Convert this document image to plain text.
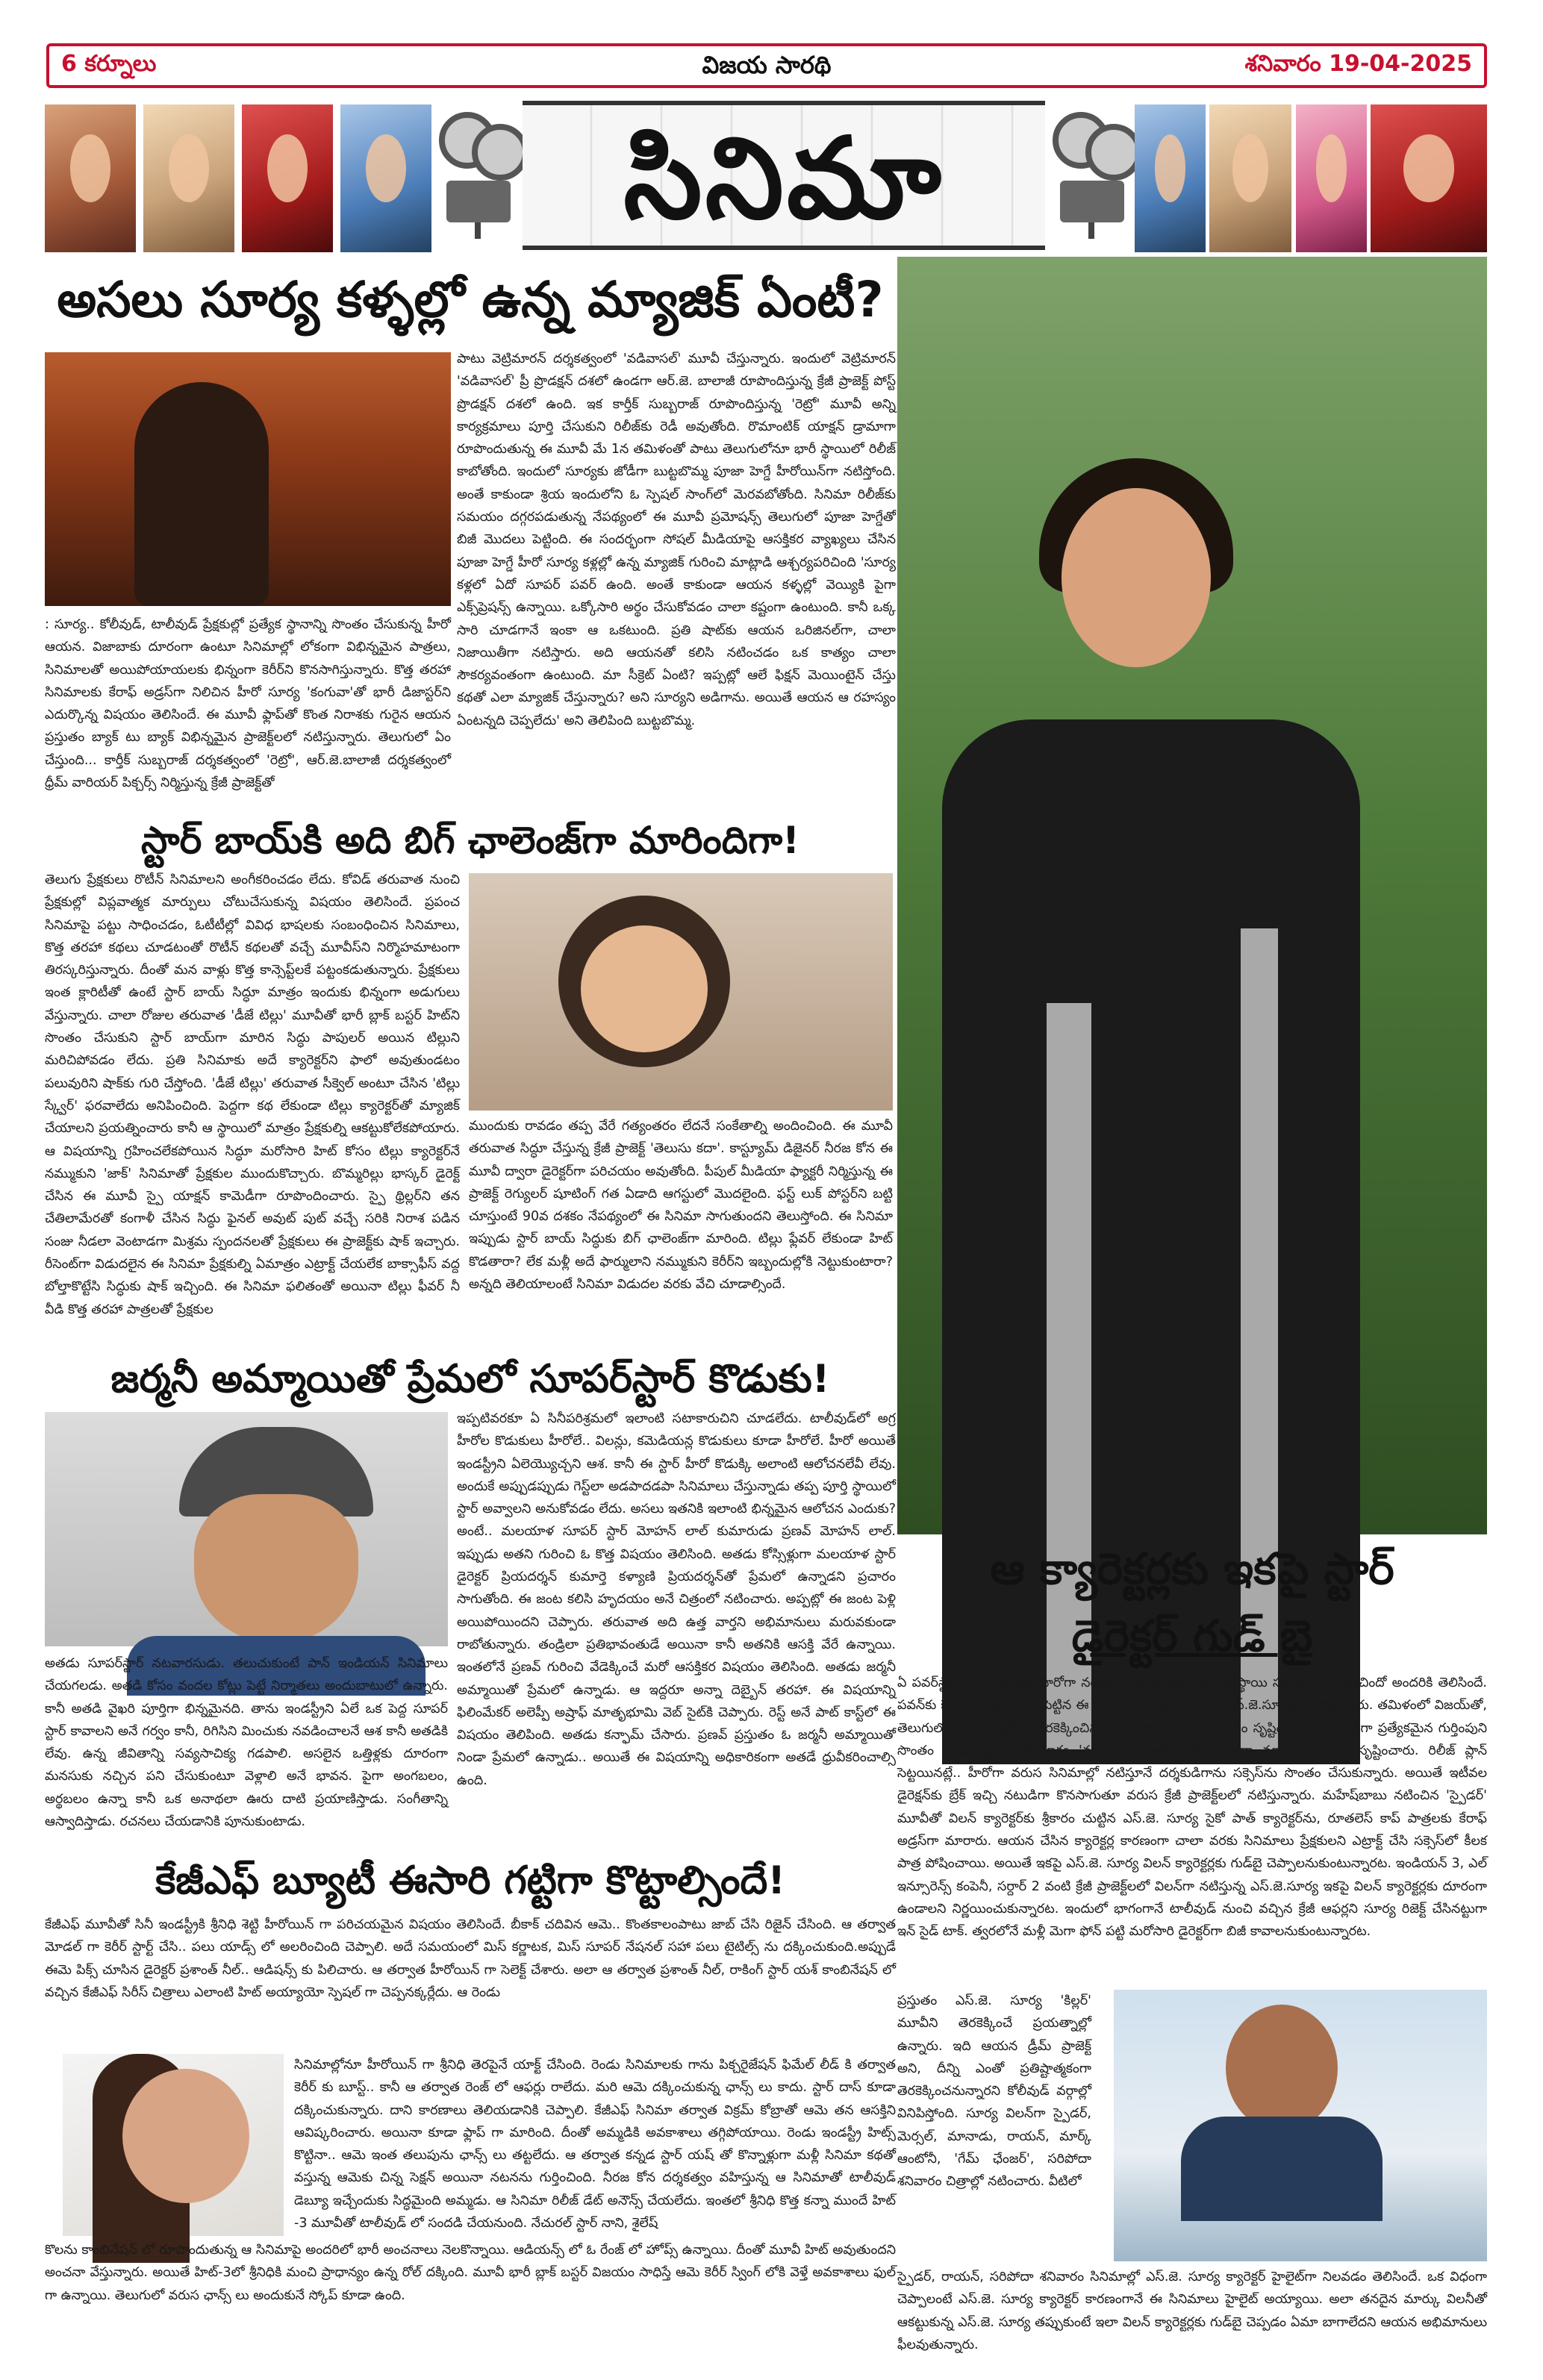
6 కర్నూలు	విజయ సారథి	శనివారం 19-04-2025
సినిమా
అసలు సూర్య కళ్ళల్లో ఉన్న మ్యాజిక్ ఏంటీ?
పాటు వెట్రిమారన్ దర్శకత్వంలో 'వడివాసల్' మూవీ చేస్తున్నారు. ఇందులో వెట్రిమారన్ 'వడివాసల్' ప్రీ ప్రొడక్షన్ దశలో ఉండగా ఆర్.జె. బాలాజీ రూపొందిస్తున్న క్రేజీ ప్రాజెక్ట్ పోస్ట్ ప్రొడక్షన్ దశలో ఉంది. ఇక కార్తీక్ సుబ్బరాజ్ రూపొందిస్తున్న 'రెట్రో' మూవీ అన్ని కార్యక్రమాలు పూర్తి చేసుకుని రిలీజ్‌కు రెడీ అవుతోంది. రొమాంటిక్ యాక్షన్ డ్రామాగా రూపొందుతున్న ఈ మూవీ మే 1న తమిళంతో పాటు తెలుగులోనూ భారీ స్థాయిలో రిలీజ్ కాబోతోంది. ఇందులో సూర్యకు జోడీగా బుట్టబొమ్మ పూజా హెగ్డే హీరోయిన్‌గా నటిస్తోంది. అంతే కాకుండా శ్రియ ఇందులోని ఓ స్పెషల్ సాంగ్‌లో మెరవబోతోంది. సినిమా రిలీజ్‌కు సమయం దగ్గరపడుతున్న నేపథ్యంలో ఈ మూవీ ప్రమోషన్స్ తెలుగులో పూజా హెగ్డే‌తో బిజీ మొదలు పెట్టింది. ఈ సందర్భంగా సోషల్ మీడియాపై ఆసక్తికర వ్యాఖ్యలు చేసిన పూజా హెగ్డే హీరో సూర్య కళ్లల్లో ఉన్న మ్యాజిక్ గురించి మాట్లాడి ఆశ్చర్యపరిచింది 'సూర్య కళ్లలో ఏదో సూపర్ పవర్ ఉంది. అంతే కాకుండా ఆయన కళ్ళల్లో వెయ్యికి పైగా ఎక్స్‌ప్రెషన్స్ ఉన్నాయి. ఒక్కోసారి అర్థం చేసుకోవడం చాలా కష్టంగా ఉంటుంది. కానీ ఒక్క సారి చూడగానే ఇంకా ఆ ఒకటుంది. ప్రతి షాట్‌కు ఆయన ఒరిజినల్‌గా, చాలా నిజాయితీగా నటిస్తారు. అది ఆయనతో కలిసి నటించడం ఒక కాత్యం చాలా సౌకర్యవంతంగా ఉంటుంది. మా సీక్రెట్ ఏంటి? ఇప్పట్లో ఆలే ఫిక్షన్ మెయింటైన్ చేస్తు కథతో ఎలా మ్యాజిక్ చేస్తున్నారు? అని సూర్యని అడిగాను. అయితే ఆయన ఆ రహస్యం ఏంటన్నది చెప్పలేదు' అని తెలిపింది బుట్టబొమ్మ.
: సూర్య.. కోలీవుడ్, టాలీవుడ్ ప్రేక్షకుల్లో ప్రత్యేక స్థానాన్ని సొంతం చేసుకున్న హీరో ఆయన. విజాబాకు దూరంగా ఉంటూ సినిమాల్లో లోకంగా విభిన్నమైన పాత్రలు, సినిమాలతో అయిపోయాయలకు భిన్నంగా కెరీర్‌ని కొనసాగిస్తున్నారు. కొత్త తరహా సినిమాలకు కేరాఫ్ అడ్రస్‌గా నిలిచిన హీరో సూర్య 'కంగువా'తో భారీ డిజాస్టర్‌ని ఎదుర్కొన్న విషయం తెలిసిందే. ఈ మూవీ ఫ్లాప్‌తో కొంత నిరాశకు గురైన ఆయన ప్రస్తుతం బ్యాక్ టు బ్యాక్ విభిన్నమైన ప్రాజెక్ట్‌లలో నటిస్తున్నారు. తెలుగులో ఏం చేస్తుంది... కార్తీక్ సుబ్బరాజ్ దర్శకత్వంలో 'రెట్రో', ఆర్.జె.బాలాజీ దర్శకత్వంలో ధ్రీమ్ వారియర్ పిక్చర్స్ నిర్మిస్తున్న క్రేజీ ప్రాజెక్ట్‌తో
స్టార్ బాయ్‌కి అది బిగ్ ఛాలెంజ్‌గా మారిందిగా!
తెలుగు ప్రేక్షకులు రొటీన్ సినిమాలని అంగీకరించడం లేదు. కోవిడ్ తరువాత నుంచి ప్రేక్షకుల్లో విప్లవాత్మక మార్పులు చోటుచేసుకున్న విషయం తెలిసిందే. ప్రపంచ సినిమాపై పట్టు సాధించడం, ఓటీటీల్లో వివిధ భాషలకు సంబంధించిన సినిమాలు, కొత్త తరహా కథలు చూడటంతో రొటీన్ కథలతో వచ్చే మూవీస్‌ని నిర్మొహమాటంగా తిరస్కరిస్తున్నారు. దీంతో మన వాళ్లు కొత్త కాన్సెప్ట్‌లకే పట్టంకడుతున్నారు. ప్రేక్షకులు ఇంత క్లారిటీతో ఉంటే స్టార్ బాయ్ సిద్ధూ మాత్రం ఇందుకు భిన్నంగా అడుగులు వేస్తున్నారు. చాలా రోజుల తరువాత 'డీజే టిల్లు' మూవీతో భారీ బ్లాక్ బస్టర్ హిట్‌ని సొంతం చేసుకుని స్టార్ బాయ్‌గా మారిన సిద్ధు పాపులర్ అయిన టిల్లుని మరిచిపోవడం లేదు. ప్రతి సినిమాకు అదే క్యారెక్టర్‌ని ఫాలో అవుతుండటం పలువురిని షాక్‌కు గురి చేస్తోంది. 'డీజే టిల్లు' తరువాత సీక్వెల్ అంటూ చేసిన 'టిల్లు స్క్వేర్' ఫరవాలేదు అనిపించింది. పెద్దగా కథ లేకుండా టిల్లు క్యారెక్టర్‌తో మ్యాజిక్ చేయాలని ప్రయత్నించారు కానీ ఆ స్థాయిలో మాత్రం ప్రేక్షకుల్ని ఆకట్టుకోలేకపోయారు. ఆ విషయాన్ని గ్రహించలేకపోయిన సిద్ధూ మరోసారి హిట్ కోసం టిల్లు క్యారెక్టర్‌నే నమ్ముకుని 'జాక్' సినిమాతో ప్రేక్షకుల ముందుకొచ్చారు. బొమ్మరిల్లు భాస్కర్ డైరెక్ట్ చేసిన ఈ మూవీ స్పై యాక్షన్ కామెడీగా రూపొందించారు. స్పై థ్రిల్లర్‌ని తన చేతిలామేరతో కంగాళీ చేసిన సిద్ధు ఫైనల్ అవుట్ పుట్ వచ్చే సరికి నిరాశ పడిన సంజు నీడలా వెంటాడగా మిశ్రమ స్పందనలతో ప్రేక్షకులు ఈ ప్రాజెక్ట్‌కు షాక్ ఇచ్చారు. రీసెంట్‌గా విడుదలైన ఈ సినిమా ప్రేక్షకుల్ని ఏమాత్రం ఎట్రాక్ట్ చేయలేక బాక్సాఫీస్ వద్ద బోల్తాకొట్టేసి సిద్ధుకు షాక్ ఇచ్చింది. ఈ సినిమా ఫలితంతో అయినా టిల్లు ఫీవర్ నీ వీడి కొత్త తరహా పాత్రలతో ప్రేక్షకుల
ముందుకు రావడం తప్ప వేరే గత్యంతరం లేదనే సంకేతాల్ని అందించింది. ఈ మూవీ తరువాత సిద్ధూ చేస్తున్న క్రేజీ ప్రాజెక్ట్ 'తెలుసు కదా'. కాస్ట్యూమ్ డిజైనర్ నీరజ కోన ఈ మూవీ ద్వారా డైరెక్టర్‌గా పరిచయం అవుతోంది. పీపుల్ మీడియా ఫ్యాక్టరీ నిర్మిస్తున్న ఈ ప్రాజెక్ట్ రెగ్యులర్ షూటింగ్ గత ఏడాది ఆగస్టులో మొదలైంది. ఫస్ట్ లుక్ పోస్టర్‌ని బట్టి చూస్తుంటే 90వ దశకం నేపథ్యంలో ఈ సినిమా సాగుతుందని తెలుస్తోంది. ఈ సినిమా ఇప్పుడు స్టార్ బాయ్ సిద్ధుకు బిగ్ ఛాలెంజ్‌గా మారింది. టిల్లు ఫ్లేవర్ లేకుండా హిట్ కొడతారా? లేక మళ్లీ అదే ఫార్ములాని నమ్ముకుని కెరీర్‌ని ఇబ్బందుల్లోకి నెట్టుకుంటారా? అన్నది తెలియాలంటే సినిమా విడుదల వరకు వేచి చూడాల్సిందే.
జర్మనీ అమ్మాయితో ప్రేమలో సూపర్‌స్టార్ కొడుకు!
ఇప్పటివరకూ ఏ సినీపరిశ్రమలో ఇలాంటి సటాకారుచిని చూడలేదు. టాలీవుడ్‌లో అగ్ర హీరోల కొడుకులు హీరోలే.. విలన్లు, కమెడియన్ల కొడుకులు కూడా హీరోలే. హీరో అయితే ఇండస్ట్రీని ఏలెయ్యొచ్చని ఆశ. కానీ ఈ స్టార్ హీరో కొడుక్కి అలాంటి ఆలోచనలేవీ లేవు. అందుకే అప్పుడప్పుడు గెస్ట్‌లా అడపాదడపా సినిమాలు చేస్తున్నాడు తప్ప పూర్తి స్థాయిలో స్టార్ అవ్వాలని అనుకోవడం లేదు. అసలు ఇతనికి ఇలాంటి భిన్నమైన ఆలోచన ఎందుకు? అంటే.. మలయాళ సూపర్ స్టార్ మోహన్ లాల్ కుమారుడు ప్రణవ్ మోహన్ లాల్. ఇప్పుడు అతని గురించి ఓ కొత్త విషయం తెలిసింది. అతడు కోస్సిళ్లుగా మలయాళ స్టార్ డైరెక్టర్ ప్రియదర్శన్ కుమార్తె కళ్యాణి ప్రియదర్శన్‌తో ప్రేమలో ఉన్నాడని ప్రచారం సాగుతోంది. ఈ జంట కలిసి హృదయం అనే చిత్రంలో నటించారు. అప్పట్లో ఈ జంట పెళ్లి అయిపోయిందని చెప్పారు. తరువాత అది ఉత్త వార్తని అభిమానులు మరువకుండా రాబోతున్నారు. తండ్రిలా ప్రతిభావంతుడే అయినా కానీ అతనికి ఆసక్తి వేరే ఉన్నాయి. ఇంతలోనే ప్రణవ్ గురించి వేడెక్కించే మరో ఆసక్తికర విషయం తెలిసింది. అతడు జర్మనీ అమ్మాయితో ప్రేమలో ఉన్నాడు. ఆ ఇద్దరూ అన్నా దెబ్బైన్ తరహా. ఈ విషయాన్ని ఫిలింమేకర్ అలెప్పీ అష్రాఫ్ మాతృభూమి వెబ్ సైట్‌కి చెప్పారు. రెస్ట్ అనే పాట్ కాస్ట్‌లో ఈ విషయం తెలిపింది. అతడు కన్ఫామ్ చేసారు. ప్రణవ్ ప్రస్తుతం ఓ జర్మనీ అమ్మాయితో నిండా ప్రేమలో ఉన్నాడు.. అయితే ఈ విషయాన్ని అధికారికంగా అతడే ధ్రువీకరించాల్సి ఉంది.
అతడు సూపర్‌స్టార్ నటవారసుడు. తలుచుకుంటే పాన్ ఇండియన్ సినిమాలు చేయగలడు. అతడి కోసం వందల కోట్లు పెట్టే నిర్మాతలు అందుబాటులో ఉన్నారు. కానీ అతడి వైఖరి పూర్తిగా భిన్నమైనది. తాను ఇండస్ట్రీని ఏలే ఒక పెద్ద సూపర్ స్టార్ కావాలని అనే గర్వం కానీ, రిగిసిని మించుకు నవడించాలనే ఆశ కానీ అతడికి లేవు. ఉన్న జీవితాన్ని సవ్యసాచిక్య గడపాలి. అసలైన ఒత్తిళ్లకు దూరంగా మనసుకు నచ్చిన పని చేసుకుంటూ వెళ్లాలి అనే భావన. పైగా అంగబలం, అర్థబలం ఉన్నా కానీ ఒక అనాథలా ఊరు దాటి ప్రయాణిస్తాడు. సంగీతాన్ని ఆస్వాదిస్తాడు. రచనలు చేయడానికి పూనుకుంటాడు.
కేజీఎఫ్ బ్యూటీ ఈసారి గట్టిగా కొట్టాల్సిందే!
కేజీఎఫ్ మూవీతో సినీ ఇండస్ట్రీకి శ్రీనిధి శెట్టి హీరోయిన్ గా పరిచయమైన విషయం తెలిసిందే. బీకాక్ చదివిన ఆమె.. కొంతకాలంపాటు జాబ్ చేసి రిజైన్ చేసింది. ఆ తర్వాత మోడల్ గా కెరీర్ స్టార్ట్ చేసి.. పలు యాడ్స్ లో అలరించింది చెప్పాలి. అదే సమయంలో మిస్ కర్ణాటక, మిస్ సూపర్ నేషనల్ సహా పలు టైటిల్స్ ను దక్కించుకుంది.అప్పుడే ఈమె పిక్స్ చూసిన డైరెక్టర్ ప్రశాంత్ నీల్.. ఆడిషన్స్ కు పిలిచారు. ఆ తర్వాత హీరోయిన్ గా సెలెక్ట్ చేశారు. అలా ఆ తర్వాత ప్రశాంత్ నీల్, రాకింగ్ స్టార్ యశ్ కాంబినేషన్ లో వచ్చిన కేజీఎఫ్ సిరీస్ చిత్రాలు ఎలాంటి హిట్ అయ్యాయో స్పెషల్ గా చెప్పనక్కర్లేదు. ఆ రెండు
సినిమాల్లోనూ హీరోయిన్ గా శ్రీనిధి తెరపైనే యాక్ట్ చేసింది. రెండు సినిమాలకు గాను పిక్చరైజేషన్ ఫిమేల్ లీడ్ కి తర్వాత కెరీర్ కు బూస్ట్.. కానీ ఆ తర్వాత రెంజ్ లో ఆఫర్లు రాలేదు. మరి ఆమె దక్కించుకున్న ఛాన్స్ లు కాదు. స్టార్ దాస్ కూడా దక్కించుకున్నారు. దాని కారణాలు తెలియడానికి చెప్పాలి. కేజీఎఫ్ సినిమా తర్వాత విక్రమ్ కోబ్రాతో ఆమె తన ఆసక్తిని ఆవిష్కరించారు. అయినా కూడా ఫ్లాప్ గా మారింది. దీంతో అమ్మడికి అవకాశాలు తగ్గిపోయాయి. రెండు ఇండస్ట్రీ హిట్స్ కొట్టినా.. ఆమె ఇంత తలుపును ఛాన్స్ లు తట్టలేదు. ఆ తర్వాత కన్నడ స్టార్ యష్ తో కొన్నాళ్లుగా మళ్లీ సినిమా కథతో వస్తున్న ఆమెకు చిన్న సెక్షన్ అయినా నటనను గుర్తించింది. నీరజ కోన దర్శకత్వం వహిస్తున్న ఆ సినిమాతో టాలీవుడ్ డెబ్యూ ఇచ్చేందుకు సిద్ధమైంది అమ్మడు. ఆ సినిమా రిలీజ్ డేట్ అనౌన్స్ చేయలేదు. ఇంతలో శ్రీనిధి కొత్త కన్నా ముందే హిట్ -3 మూవీతో టాలీవుడ్ లో సందడి చేయనుంది. నేచురల్ స్టార్ నాని, శైలేష్
కొలను కాంబినేషన్ లో రూపొందుతున్న ఆ సినిమాపై అందరిలో భారీ అంచనాలు నెలకొన్నాయి. ఆడియన్స్ లో ఓ రేంజ్ లో హోప్స్ ఉన్నాయి. దీంతో మూవీ హిట్ అవుతుందని అంచనా వేస్తున్నారు. అయితే హిట్-3లో శ్రీనిధికి మంచి ప్రాధాన్యం ఉన్న రోల్ దక్కింది. మూవీ భారీ బ్లాక్ బస్టర్ విజయం సాధిస్తే ఆమె కెరీర్ స్వింగ్ లోకి వెళ్తే అవకాశాలు ఫుల్ గా ఉన్నాయి. తెలుగులో వరుస ఛాన్స్ లు అందుకునే స్కోప్ కూడా ఉంది.
ఆ క్యారెక్టర్లకు ఇకపై స్టార్
డైరెక్టర్ గుడ్ బై
ఏ పవర్‌స్టార్ పవన్ కళ్యాణ్ హీరోగా నటించిన 'ఖుషీ' తెలుగులో ఏ స్థాయి సంచలనం సృష్టించిందో అందరికి తెలిసిందే. పవన్‌కు కెరీర్‌మలుపుని తెచ్చిపెట్టిన ఈ మూవీని తమిళ దర్శకుడు ఎస్.జె.సూర్య తెరకెక్కించారు. తమిళంలో విజయ్‌తో, తెలుగులో పవన్‌కల్యాణ్‌తో తెరకెక్కించిన రెండు భాషల్లోనూ సంచలనం సృష్టించారు. దర్శకుడిగా ప్రత్యేకమైన గుర్తింపుని సొంతం చేసుకున్న ఎస్.జె.సూర్య 'న్యూ' సినిమాతో హీరోగా కూడా మారి సంచలనం సృష్టించారు. రిలీజ్ ప్లాన్ సెట్టయినట్లే.. హీరోగా వరుస సినిమాల్లో నటిస్తూనే దర్శకుడిగాను సక్సెస్‌ను సొంతం చేసుకున్నారు. అయితే ఇటీవల డైరెక్షన్‌కు బ్రేక్ ఇచ్చి నటుడిగా కొనసాగుతూ వరుస క్రేజీ ప్రాజెక్ట్‌లలో నటిస్తున్నారు. మహేష్‌బాబు నటించిన 'స్పైడర్' మూవీతో విలన్ క్యారెక్టర్‌కు శ్రీకారం చుట్టిన ఎస్.జె. సూర్య సైకో పాత్ క్యారెక్టర్‌ను, రూతలెస్ కాప్ పాత్రలకు కేరాఫ్ అడ్రస్‌గా మారారు. ఆయన చేసిన క్యారెక్టర్ల కారణంగా చాలా వరకు సినిమాలు ప్రేక్షకులని ఎట్రాక్ట్ చేసి సక్సెస్‌లో కీలక పాత్ర పోషించాయి. అయితే ఇకపై ఎస్.జె. సూర్య విలన్ క్యారెక్టర్లకు గుడ్‌బై చెప్పాలనుకుంటున్నారట. ఇండియన్ 3, ఎల్ ఇన్సూరెన్స్ కంపెనీ, సర్దార్ 2 వంటి క్రేజీ ప్రాజెక్ట్‌లలో విలన్‌గా నటిస్తున్న ఎస్.జె.సూర్య ఇకపై విలన్ క్యారెక్టర్లకు దూరంగా ఉండాలని నిర్ణయించుకున్నారట. ఇందులో భాగంగానే టాలీవుడ్ నుంచి వచ్చిన క్రేజీ ఆఫర్లని సూర్య రిజెక్ట్ చేసినట్టుగా ఇన్ సైడ్ టాక్. త్వరలోనే మళ్లీ మెగా ఫోన్ పట్టి మరోసారి డైరెక్టర్‌గా బిజీ కావాలనుకుంటున్నారట.
ప్రస్తుతం ఎస్.జె. సూర్య 'కిల్లర్' మూవీని తెరకెక్కించే ప్రయత్నాల్లో ఉన్నారు. ఇది ఆయన డ్రీమ్ ప్రాజెక్ట్ అని, దీన్ని ఎంతో ప్రతిష్టాత్మకంగా తెరకెక్కించనున్నారని కోలీవుడ్ వర్గాల్లో వినిపిస్తోంది. సూర్య విలన్‌గా స్పైడర్, మెర్సల్, మానాడు, రాయన్, మార్క్ ఆంటోనీ, 'గేమ్ ఛేంజర్', సరిపోదా శనివారం చిత్రాల్లో నటించారు. వీటిలో
స్పైడర్, రాయన్, సరిపోదా శనివారం సినిమాల్లో ఎస్.జె. సూర్య క్యారెక్టర్ హైలైట్‌గా నిలవడం తెలిసిందే. ఒక విధంగా చెప్పాలంటే ఎస్.జె. సూర్య క్యారెక్టర్ కారణంగానే ఈ సినిమాలు హైలైట్ అయ్యాయి. అలా తనదైన మార్కు విలనీతో ఆకట్టుకున్న ఎస్.జె. సూర్య తప్పుకుంటే ఇలా విలన్ క్యారెక్టర్లకు గుడ్‌బై చెప్పడం ఏమా బాగాలేదని ఆయన అభిమానులు ఫీలవుతున్నారు.
